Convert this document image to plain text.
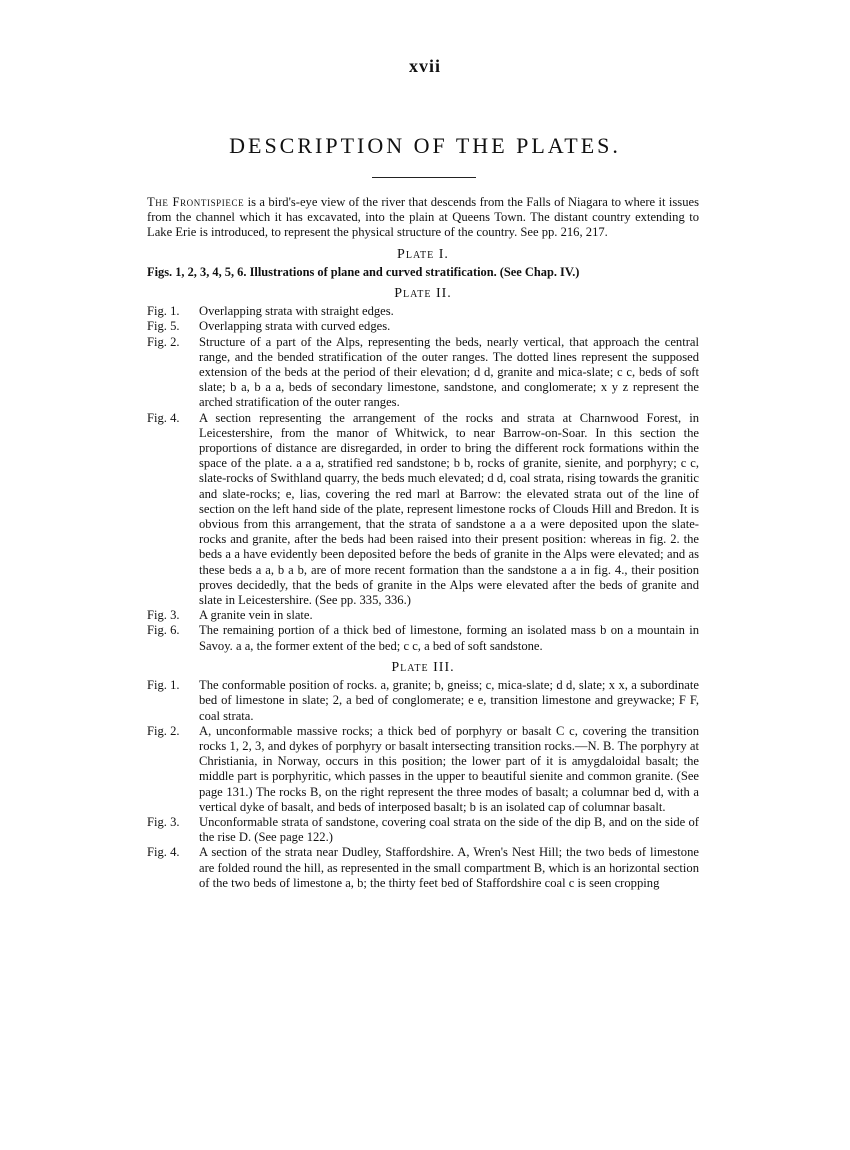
xvii
DESCRIPTION OF THE PLATES.

The Frontispiece is a bird's-eye view of the river that descends from the Falls of Niagara to where it issues from the channel which it has excavated, into the plain at Queens Town. The distant country extending to Lake Erie is introduced, to represent the physical structure of the country. See pp. 216, 217.

Plate I.

Figs. 1, 2, 3, 4, 5, 6. Illustrations of plane and curved stratification. (See Chap. IV.)

Plate II.
Fig. 1.	Overlapping strata with straight edges.
Fig. 5.	Overlapping strata with curved edges.
Fig. 2.	Structure of a part of the Alps, representing the beds, nearly vertical, that approach the central range, and the bended stratification of the outer ranges. The dotted lines represent the supposed extension of the beds at the period of their elevation; d d, granite and mica-slate; c c, beds of soft slate; b a, b a a, beds of secondary limestone, sandstone, and conglomerate; x y z represent the arched stratification of the outer ranges.
Fig. 4.	A section representing the arrangement of the rocks and strata at Charnwood Forest, in Leicestershire, from the manor of Whitwick, to near Barrow-on-Soar. In this section the proportions of distance are disregarded, in order to bring the different rock formations within the space of the plate. a a a, stratified red sandstone; b b, rocks of granite, sienite, and porphyry; c c, slate-rocks of Swithland quarry, the beds much elevated; d d, coal strata, rising towards the granitic and slate-rocks; e, lias, covering the red marl at Barrow: the elevated strata out of the line of section on the left hand side of the plate, represent limestone rocks of Clouds Hill and Bredon. It is obvious from this arrangement, that the strata of sandstone a a a were deposited upon the slate-rocks and granite, after the beds had been raised into their present position: whereas in fig. 2. the beds a a have evidently been deposited before the beds of granite in the Alps were elevated; and as these beds a a, b a b, are of more recent formation than the sandstone a a in fig. 4., their position proves decidedly, that the beds of granite in the Alps were elevated after the beds of granite and slate in Leicestershire. (See pp. 335, 336.)
Fig. 3.	A granite vein in slate.
Fig. 6.	The remaining portion of a thick bed of limestone, forming an isolated mass b on a mountain in Savoy. a a, the former extent of the bed; c c, a bed of soft sandstone.
Plate III.
Fig. 1.	The conformable position of rocks. a, granite; b, gneiss; c, mica-slate; d d, slate; x x, a subordinate bed of limestone in slate; 2, a bed of conglomerate; e e, transition limestone and greywacke; F F, coal strata.
Fig. 2.	A, unconformable massive rocks; a thick bed of porphyry or basalt C c, covering the transition rocks 1, 2, 3, and dykes of porphyry or basalt intersecting transition rocks.—N. B. The porphyry at Christiania, in Norway, occurs in this position; the lower part of it is amygdaloidal basalt; the middle part is porphyritic, which passes in the upper to beautiful sienite and common granite. (See page 131.) The rocks B, on the right represent the three modes of basalt; a columnar bed d, with a vertical dyke of basalt, and beds of interposed basalt; b is an isolated cap of columnar basalt.
Fig. 3.	Unconformable strata of sandstone, covering coal strata on the side of the dip B, and on the side of the rise D. (See page 122.)
Fig. 4.	A section of the strata near Dudley, Staffordshire. A, Wren's Nest Hill; the two beds of limestone are folded round the hill, as represented in the small compartment B, which is an horizontal section of the two beds of limestone a, b; the thirty feet bed of Staffordshire coal c is seen cropping
